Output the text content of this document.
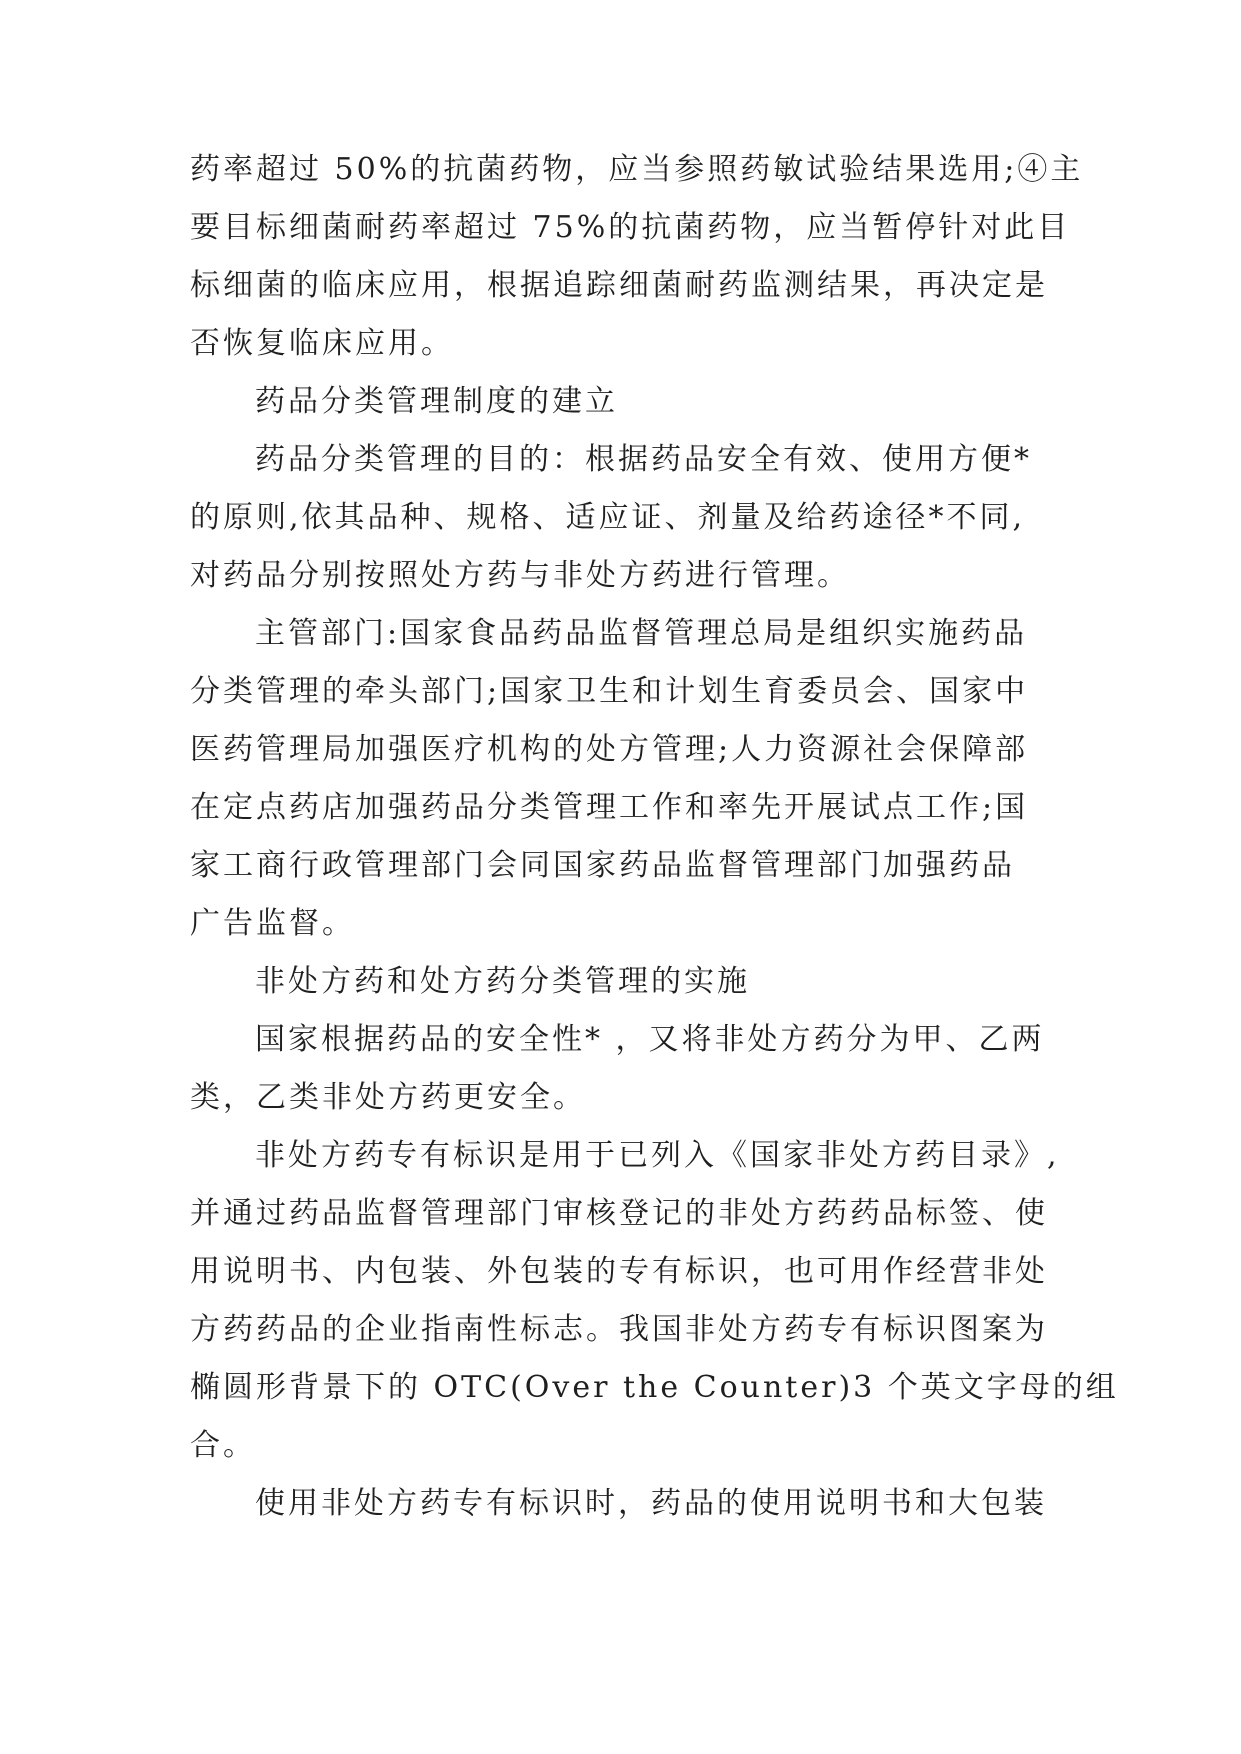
药率超过 50%的抗菌药物，应当参照药敏试验结果选用;④主
要目标细菌耐药率超过 75%的抗菌药物，应当暂停针对此目
标细菌的临床应用，根据追踪细菌耐药监测结果，再决定是
否恢复临床应用。
药品分类管理制度的建立
药品分类管理的目的：根据药品安全有效、使用方便*
的原则,依其品种、规格、适应证、剂量及给药途径*不同,
对药品分别按照处方药与非处方药进行管理。
主管部门:国家食品药品监督管理总局是组织实施药品
分类管理的牵头部门;国家卫生和计划生育委员会、国家中
医药管理局加强医疗机构的处方管理;人力资源社会保障部
在定点药店加强药品分类管理工作和率先开展试点工作;国
家工商行政管理部门会同国家药品监督管理部门加强药品
广告监督。
非处方药和处方药分类管理的实施
国家根据药品的安全性* ，又将非处方药分为甲、乙两
类，乙类非处方药更安全。
非处方药专有标识是用于已列入《国家非处方药目录》,
并通过药品监督管理部门审核登记的非处方药药品标签、使
用说明书、内包装、外包装的专有标识，也可用作经营非处
方药药品的企业指南性标志。我国非处方药专有标识图案为
椭圆形背景下的 OTC(Over the Counter)3 个英文字母的组
合。
使用非处方药专有标识时，药品的使用说明书和大包装
